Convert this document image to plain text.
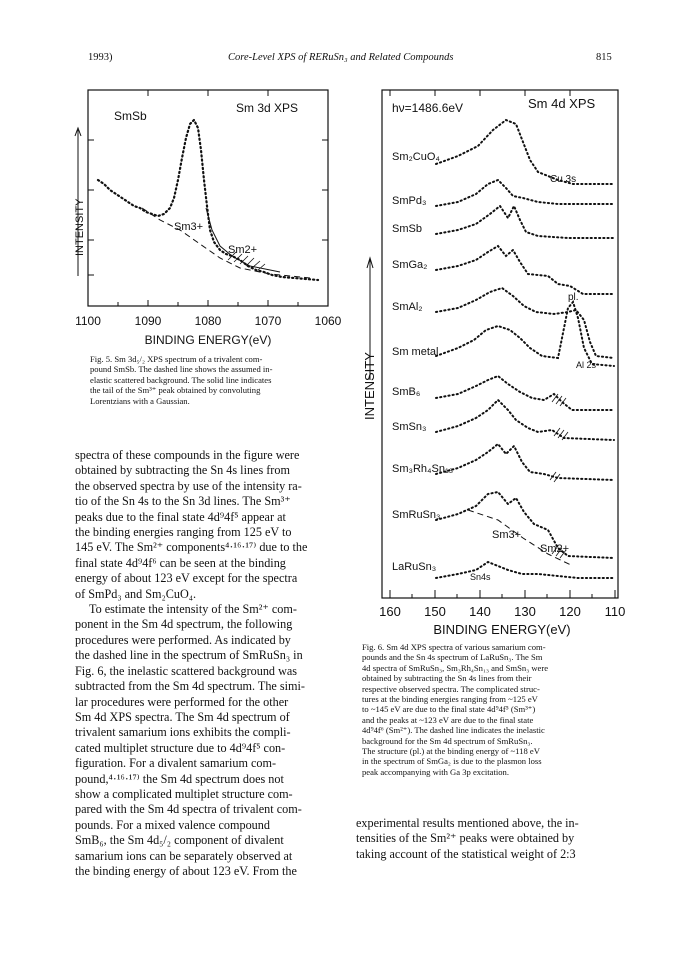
1993)	Core-Level XPS of RERuSn₃ and Related Compounds	815
SmSb
Sm 3d XPS
Sm3+
Sm2+
INTENSITY
1100	1090	1080	1070	1060
BINDING ENERGY(eV)

Fig. 5. Sm 3d₅/₂ XPS spectrum of a trivalent com-

pound SmSb. The dashed line shows the assumed in-

elastic scattered background. The solid line indicates

the tail of the Sm³⁺ peak obtained by convoluting

Lorentzians with a Gaussian.

spectra of these compounds in the figure were

obtained by subtracting the Sn 4s lines from

the observed spectra by use of the intensity ra-

tio of the Sn 4s to the Sn 3d lines. The Sm³⁺

peaks due to the final state 4d⁹4f⁵ appear at

the binding energies ranging from 125 eV to

145 eV. The Sm²⁺ components⁴·¹⁶·¹⁷⁾ due to the

final state 4d⁹4f⁶ can be seen at the binding

energy of about 123 eV except for the spectra

of SmPd₃ and Sm₂CuO₄.

To estimate the intensity of the Sm²⁺ com-

ponent in the Sm 4d spectrum, the following

procedures were performed. As indicated by

the dashed line in the spectrum of SmRuSn₃ in

Fig. 6, the inelastic scattered background was

subtracted from the Sm 4d spectrum. The simi-

lar procedures were performed for the other

Sm 4d XPS spectra. The Sm 4d spectrum of

trivalent samarium ions exhibits the compli-

cated multiplet structure due to 4d⁹4f⁵ con-

figuration. For a divalent samarium com-

pound,⁴·¹⁶·¹⁷⁾ the Sm 4d spectrum does not

show a complicated multiplet structure com-

pared with the Sm 4d spectra of trivalent com-

pounds. For a mixed valence compound

SmB₆, the Sm 4d₅/₂ component of divalent

samarium ions can be separately observed at

the binding energy of about 123 eV. From the

hν=1486.6eV	Sm 4d XPS
Sm₂CuO₄
SmPd₃
SmSb
SmGa₂
SmAl₂
Sm metal
SmB₆
SmSn₃
Sm₃Rh₄Sn₁₃
SmRuSn₃
LaRuSn₃
Cu 3s
pl.
Al 2s
Sm3+
Sm2+
Sn4s
INTENSITY
160 150 140 130 120 110
BINDING ENERGY(eV)

Fig. 6. Sm 4d XPS spectra of various samarium com-

pounds and the Sn 4s spectrum of LaRuSn₃. The Sm

4d spectra of SmRuSn₃, Sm₃Rh₄Sn₁₃ and SmSn₃ were

obtained by subtracting the Sn 4s lines from their

respective observed spectra. The complicated struc-

tures at the binding energies ranging from ~125 eV

to ~145 eV are due to the final state 4d⁹4f⁵ (Sm³⁺)

and the peaks at ~123 eV are due to the final state

4d⁹4f⁶ (Sm²⁺). The dashed line indicates the inelastic

background for the Sm 4d spectrum of SmRuSn₃.

The structure (pl.) at the binding energy of ~118 eV

in the spectrum of SmGa₂ is due to the plasmon loss

peak accompanying with Ga 3p excitation.

experimental results mentioned above, the in-

tensities of the Sm²⁺ peaks were obtained by

taking account of the statistical weight of 2:3
